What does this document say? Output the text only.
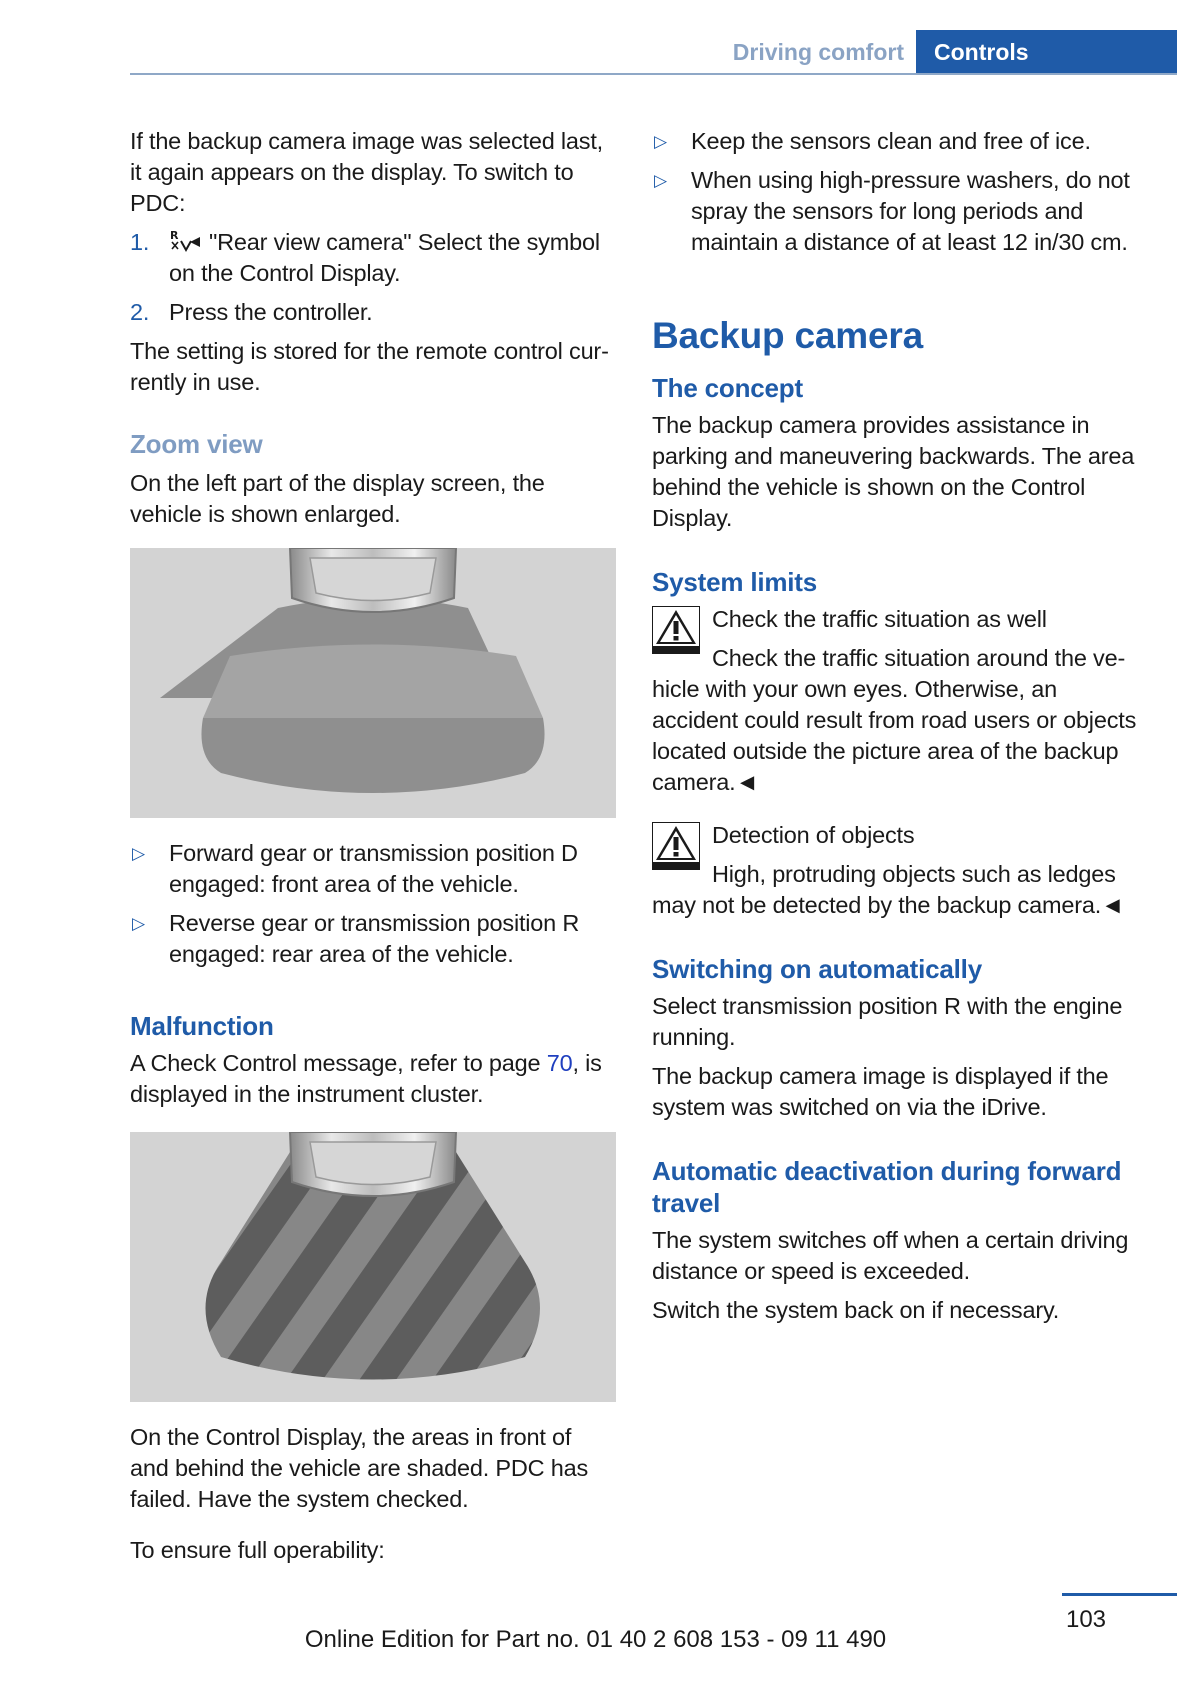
Driving comfort	Controls

If the backup camera image was selected last, it again appears on the display. To switch to PDC:

1. R "Rear view camera" Select the symbol on the Control Display.
2. Press the controller.

The setting is stored for the remote control currently in use.

Zoom view

On the left part of the display screen, the vehicle is shown enlarged.

▷ Forward gear or transmission position D engaged: front area of the vehicle.
▷ Reverse gear or transmission position R engaged: rear area of the vehicle.
Malfunction

A Check Control message, refer to page 70, is displayed in the instrument cluster.

On the Control Display, the areas in front of and behind the vehicle are shaded. PDC has failed. Have the system checked.

To ensure full operability:

▷ Keep the sensors clean and free of ice.
▷ When using high-pressure washers, do not spray the sensors for long periods and maintain a distance of at least 12 in/30 cm.
Backup camera
The concept

The backup camera provides assistance in parking and maneuvering backwards. The area behind the vehicle is shown on the Control Display.

System limits
Check the traffic situation as well
Check the traffic situation around the vehicle with your own eyes. Otherwise, an accident could result from road users or objects located outside the picture area of the backup camera.◄
Detection of objects
High, protruding objects such as ledges may not be detected by the backup camera.◄
Switching on automatically

Select transmission position R with the engine running.

The backup camera image is displayed if the system was switched on via the iDrive.

Automatic deactivation during forward travel

The system switches off when a certain driving distance or speed is exceeded.

Switch the system back on if necessary.

103
Online Edition for Part no. 01 40 2 608 153 - 09 11 490
